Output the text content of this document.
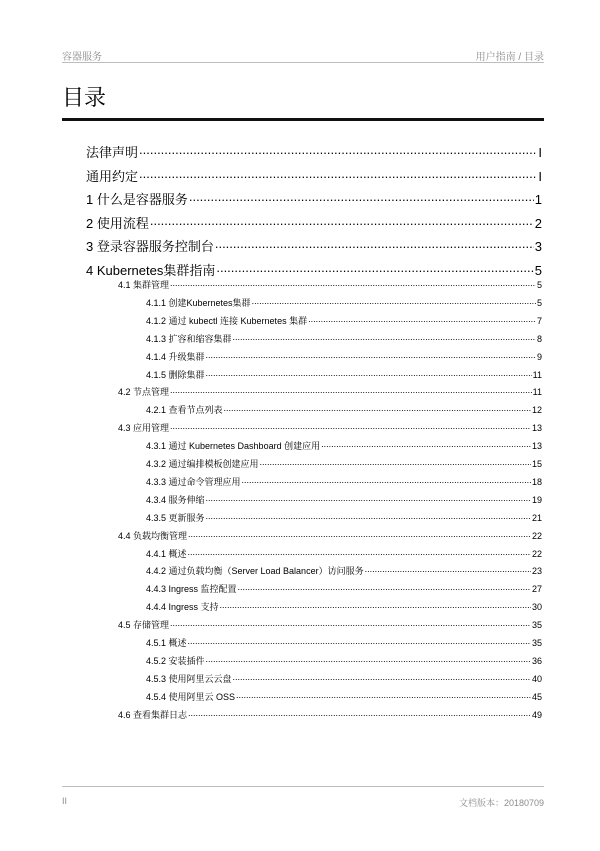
容器服务	用户指南 / 目录
目录
法律声明 .....	I
通用约定 .....	I
1 什么是容器服务 .....	1
2 使用流程 .....	2
3 登录容器服务控制台 .....	3
4 Kubernetes集群指南 .....	5
4.1 集群管理 .....	5
4.1.1 创建Kubernetes集群 .....	5
4.1.2 通过 kubectl 连接 Kubernetes 集群 .....	7
4.1.3 扩容和缩容集群 .....	8
4.1.4 升级集群 .....	9
4.1.5 删除集群 .....	11
4.2 节点管理 .....	11
4.2.1 查看节点列表 .....	12
4.3 应用管理 .....	13
4.3.1 通过 Kubernetes Dashboard 创建应用 .....	13
4.3.2 通过编排模板创建应用 .....	15
4.3.3 通过命令管理应用 .....	18
4.3.4 服务伸缩 .....	19
4.3.5 更新服务 .....	21
4.4 负载均衡管理 .....	22
4.4.1 概述 .....	22
4.4.2 通过负载均衡（Server Load Balancer）访问服务 .....	23
4.4.3 Ingress 监控配置 .....	27
4.4.4 Ingress 支持 .....	30
4.5 存储管理 .....	35
4.5.1 概述 .....	35
4.5.2 安装插件 .....	36
4.5.3 使用阿里云云盘 .....	40
4.5.4 使用阿里云 OSS .....	45
4.6 查看集群日志 .....	49
II	文档版本：20180709
